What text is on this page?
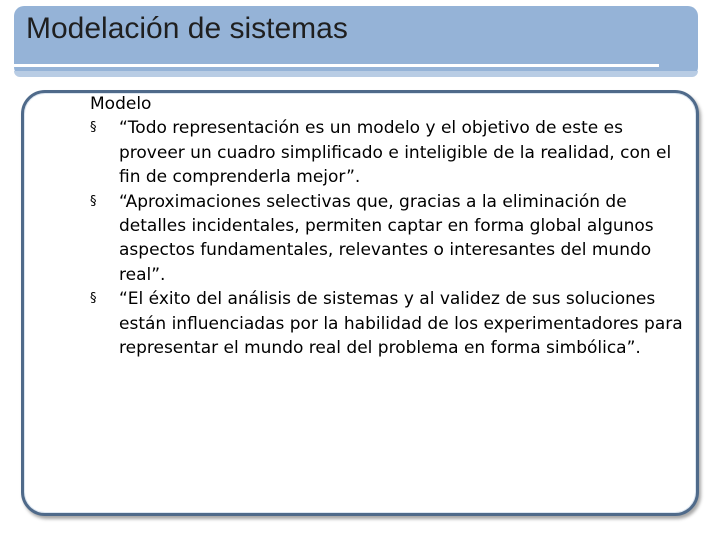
Modelación de sistemas

Modelo

§ “Todo representación es un modelo y el objetivo de este es proveer un cuadro simplificado e inteligible de la realidad, con el fin de comprenderla mejor”.
§ “Aproximaciones selectivas que, gracias a la eliminación de detalles incidentales, permiten captar en forma global algunos aspectos fundamentales, relevantes o interesantes del mundo real”.
§ “El éxito del análisis de sistemas y al validez de sus soluciones están influenciadas por la habilidad de los experimentadores para representar el mundo real del problema en forma simbólica”.
